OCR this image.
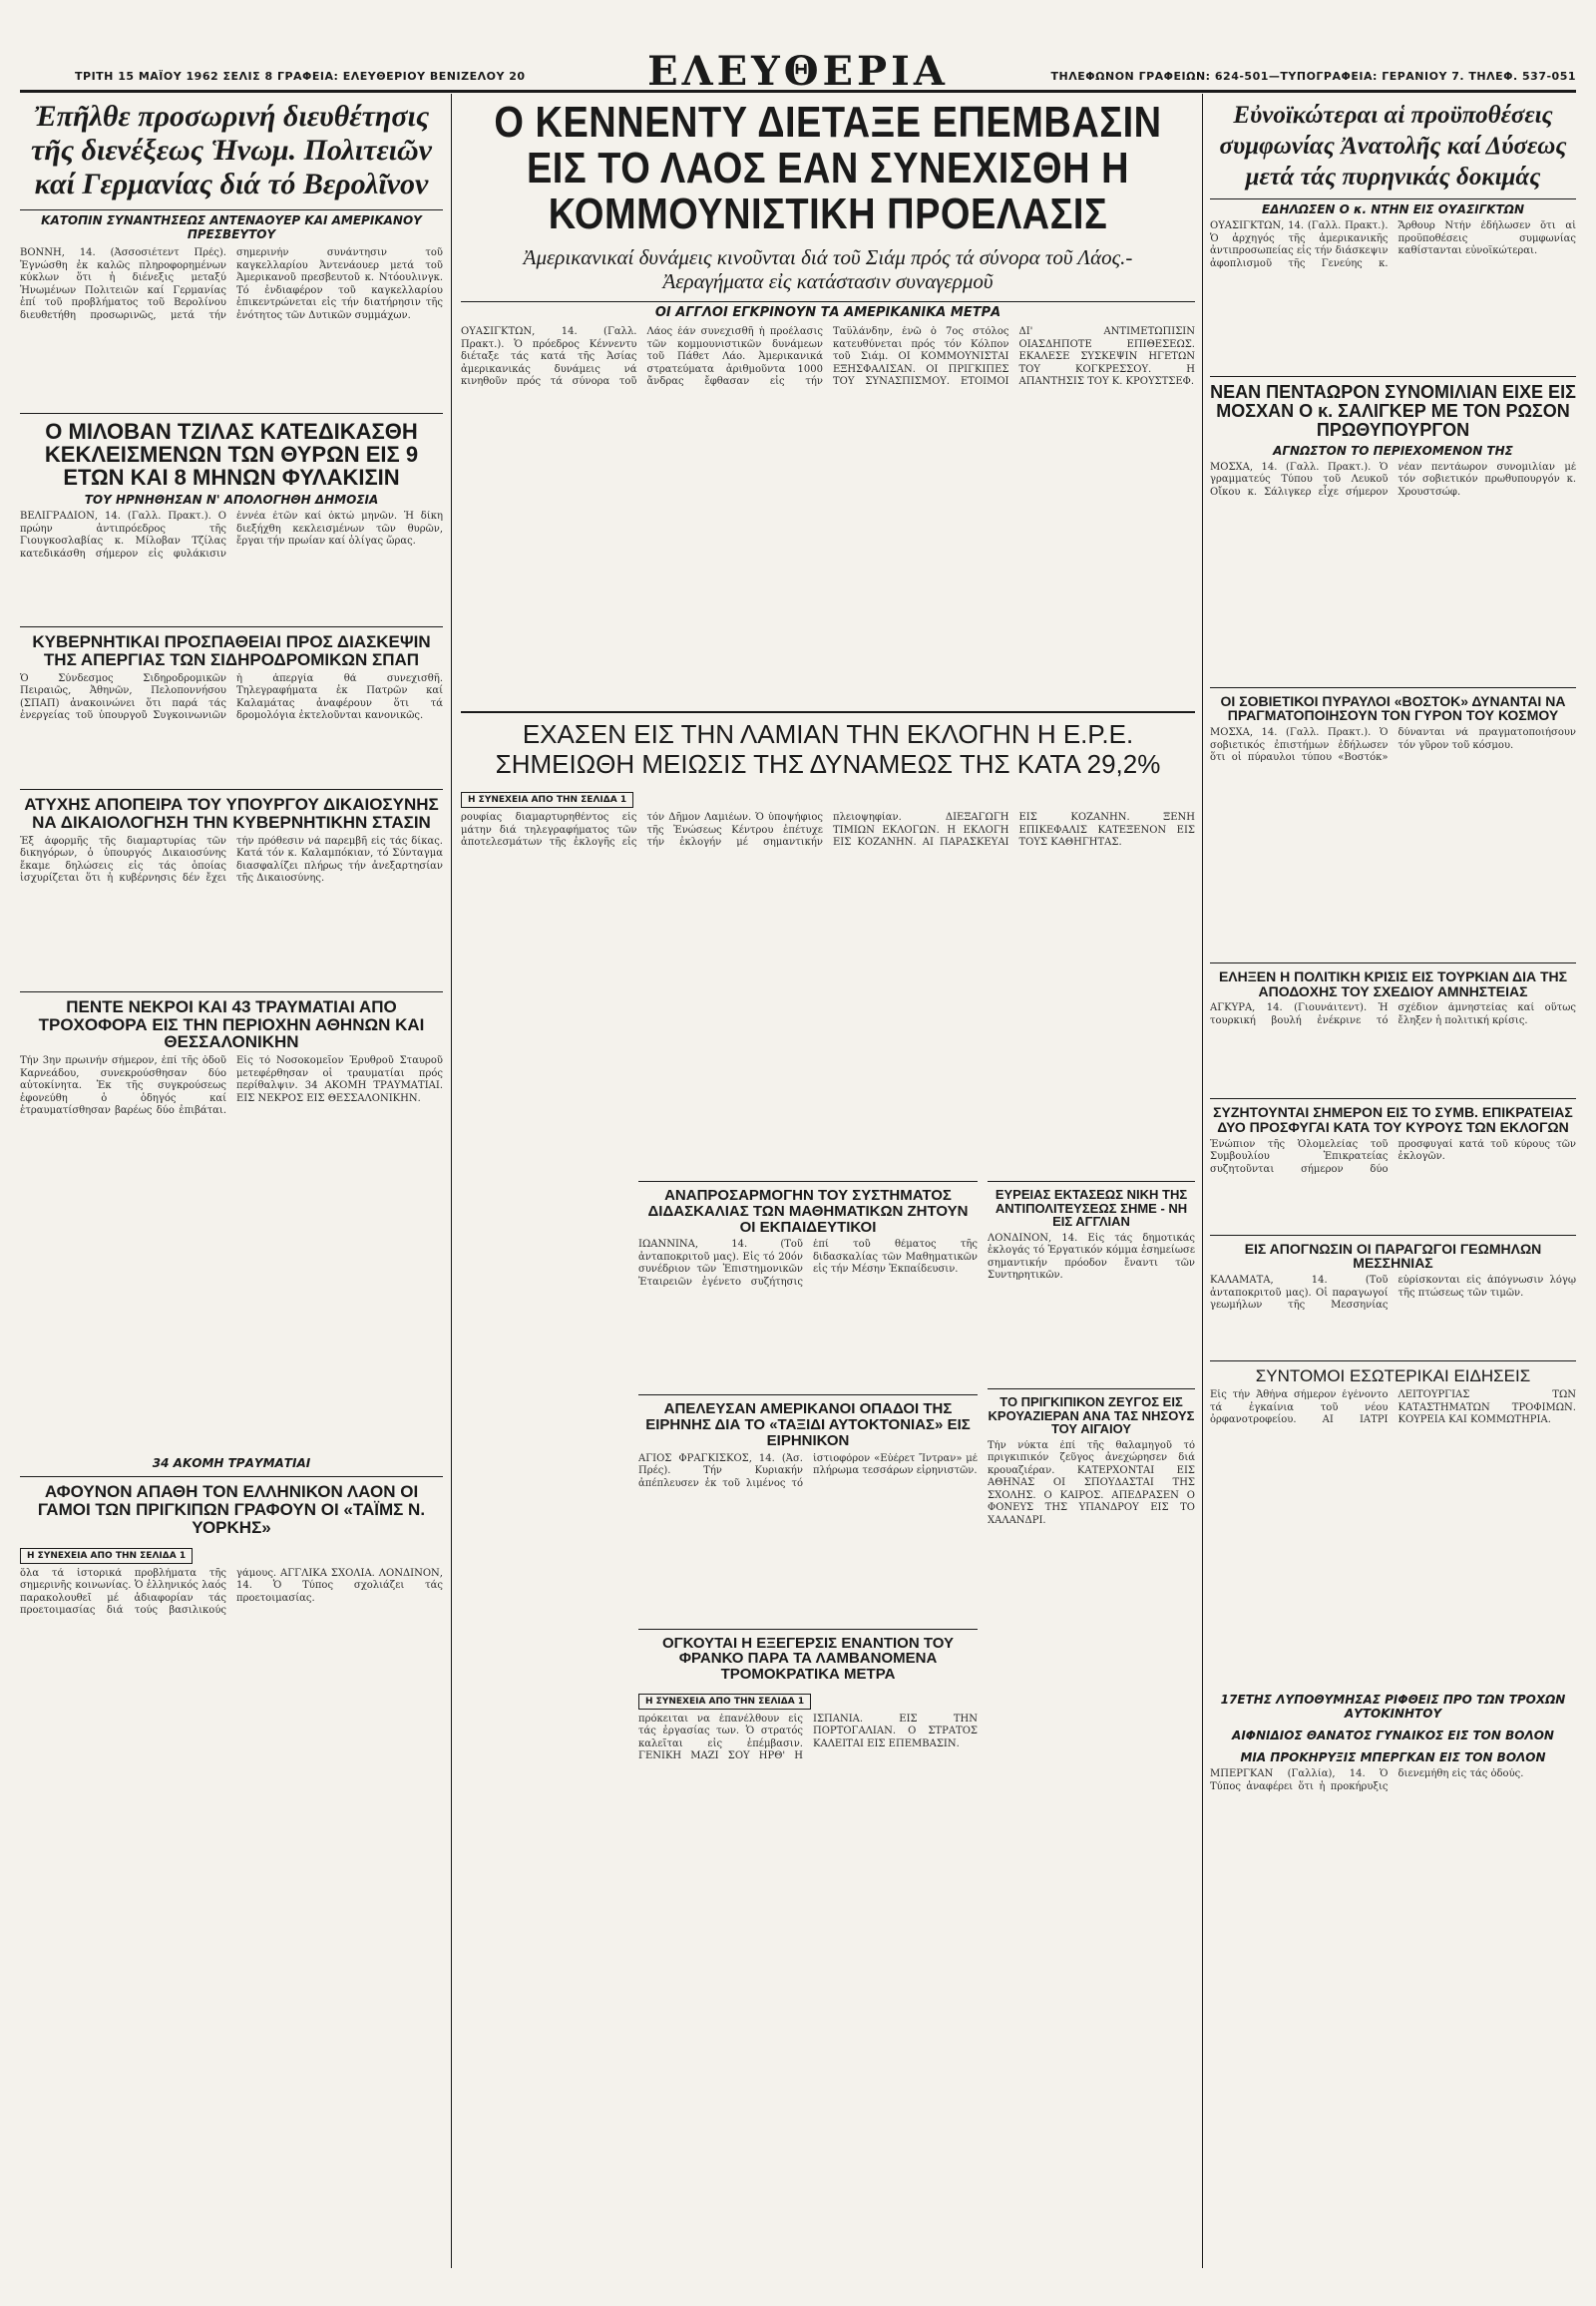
ΤΡΙΤΗ 15 ΜΑΪΟΥ 1962 ΣΕΛΙΣ 8 ΓΡΑΦΕΙΑ: ΕΛΕΥΘΕΡΙΟΥ ΒΕΝΙΖΕΛΟΥ 20	ΕΛΕΥΘΕΡΙΑ	ΤΗΛΕΦΩΝΟΝ ΓΡΑΦΕΙΩΝ: 624-501—ΤΥΠΟΓΡΑΦΕΙΑ: ΓΕΡΑΝΙΟΥ 7. ΤΗΛΕΦ. 537-051
Ἐπῆλθε προσωρινή διευθέτησις τῆς διενέξεως Ἡνωμ. Πολιτειῶν καί Γερμανίας διά τό Βερολῖνον
ΚΑΤΟΠΙΝ ΣΥΝΑΝΤΗΣΕΩΣ ΑΝΤΕΝΑΟΥΕΡ ΚΑΙ ΑΜΕΡΙΚΑΝΟΥ ΠΡΕΣΒΕΥΤΟΥ
ΒΟΝΝΗ, 14. (Ἀσσοσιέτεντ Πρές). Ἐγνώσθη ἐκ καλῶς πληροφορημένων κύκλων ὅτι ἡ διένεξις μεταξύ Ἡνωμένων Πολιτειῶν καί Γερμανίας ἐπί τοῦ προβλήματος τοῦ Βερολίνου διευθετήθη προσωρινῶς, μετά τήν σημερινήν συνάντησιν τοῦ καγκελλαρίου Ἀντενάουερ μετά τοῦ Ἀμερικανοῦ πρεσβευτοῦ κ. Ντόουλινγκ. Τό ἐνδιαφέρον τοῦ καγκελλαρίου ἐπικεντρώνεται εἰς τήν διατήρησιν τῆς ἐνότητος τῶν Δυτικῶν συμμάχων.
Ο ΜΙΛΟΒΑΝ ΤΖΙΛΑΣ ΚΑΤΕΔΙΚΑΣΘΗ ΚΕΚΛΕΙΣΜΕΝΩΝ ΤΩΝ ΘΥΡΩΝ ΕΙΣ 9 ΕΤΩΝ ΚΑΙ 8 ΜΗΝΩΝ ΦΥΛΑΚΙΣΙΝ
ΤΟΥ ΗΡΝΗΘΗΣΑΝ Ν' ΑΠΟΛΟΓΗΘΗ ΔΗΜΟΣΙΑ
ΒΕΛΙΓΡΑΔΙΟΝ, 14. (Γαλλ. Πρακτ.). Ο πρώην ἀντιπρόεδρος τῆς Γιουγκοσλαβίας κ. Μίλοβαν Τζίλας κατεδικάσθη σήμερον εἰς φυλάκισιν ἐννέα ἐτῶν καί ὀκτώ μηνῶν. Ἡ δίκη διεξήχθη κεκλεισμένων τῶν θυρῶν, ἔργαι τήν πρωίαν καί ὁλίγας ὥρας.
ΚΥΒΕΡΝΗΤΙΚΑΙ ΠΡΟΣΠΑΘΕΙΑΙ ΠΡΟΣ ΔΙΑΣΚΕΨΙΝ ΤΗΣ ΑΠΕΡΓΙΑΣ ΤΩΝ ΣΙΔΗΡΟΔΡΟΜΙΚΩΝ ΣΠΑΠ
Ὁ Σύνδεσμος Σιδηροδρομικῶν Πειραιῶς, Ἀθηνῶν, Πελοποννήσου (ΣΠΑΠ) ἀνακοινώνει ὅτι παρά τάς ἐνεργείας τοῦ ὑπουργοῦ Συγκοινωνιῶν ἡ ἀπεργία θά συνεχισθῆ. Τηλεγραφήματα ἐκ Πατρῶν καί Καλαμάτας ἀναφέρουν ὅτι τά δρομολόγια ἐκτελοῦνται κανονικῶς.
ΑΤΥΧΗΣ ΑΠΟΠΕΙΡΑ ΤΟΥ ΥΠΟΥΡΓΟΥ ΔΙΚΑΙΟΣΥΝΗΣ ΝΑ ΔΙΚΑΙΟΛΟΓΗΣΗ ΤΗΝ ΚΥΒΕΡΝΗΤΙΚΗΝ ΣΤΑΣΙΝ
Ἐξ ἀφορμῆς τῆς διαμαρτυρίας τῶν δικηγόρων, ὁ ὑπουργός Δικαιοσύνης ἔκαμε δηλώσεις εἰς τάς ὁποίας ἰσχυρίζεται ὅτι ἡ κυβέρνησις δέν ἔχει τήν πρόθεσιν νά παρεμβῆ εἰς τάς δίκας. Κατά τόν κ. Καλαμπόκιαν, τό Σύνταγμα διασφαλίζει πλήρως τήν ἀνεξαρτησίαν τῆς Δικαιοσύνης.
ΠΕΝΤΕ ΝΕΚΡΟΙ ΚΑΙ 43 ΤΡΑΥΜΑΤΙΑΙ ΑΠΟ ΤΡΟΧΟΦΟΡΑ ΕΙΣ ΤΗΝ ΠΕΡΙΟΧΗΝ ΑΘΗΝΩΝ ΚΑΙ ΘΕΣΣΑΛΟΝΙΚΗΝ
Τήν 3ην πρωινήν σήμερον, ἐπί τῆς ὁδοῦ Καρνεάδου, συνεκρούσθησαν δύο αὐτοκίνητα. Ἐκ τῆς συγκρούσεως ἐφονεύθη ὁ ὁδηγός καί ἐτραυματίσθησαν βαρέως δύο ἐπιβάται. Εἰς τό Νοσοκομεῖον Ἐρυθροῦ Σταυροῦ μετεφέρθησαν οἱ τραυματίαι πρός περίθαλψιν. 34 ΑΚΟΜΗ ΤΡΑΥΜΑΤΙΑΙ. ΕΙΣ ΝΕΚΡΟΣ ΕΙΣ ΘΕΣΣΑΛΟΝΙΚΗΝ.
34 ΑΚΟΜΗ ΤΡΑΥΜΑΤΙΑΙ
ΑΦΟΥΝΟΝ ΑΠΑΘΗ ΤΟΝ ΕΛΛΗΝΙΚΟΝ ΛΑΟΝ ΟΙ ΓΑΜΟΙ ΤΩΝ ΠΡΙΓΚΙΠΩΝ ΓΡΑΦΟΥΝ ΟΙ «ΤΑΪΜΣ Ν. ΥΟΡΚΗΣ»
Η ΣΥΝΕΧΕΙΑ ΑΠΟ ΤΗΝ ΣΕΛΙΔΑ 1
ὅλα τά ἱστορικά προβλήματα τῆς σημερινῆς κοινωνίας. Ὁ ἑλληνικός λαός παρακολουθεῖ μέ ἀδιαφορίαν τάς προετοιμασίας διά τούς βασιλικούς γάμους. ΑΓΓΛΙΚΑ ΣΧΟΛΙΑ. ΛΟΝΔΙΝΟΝ, 14. Ὁ Τύπος σχολιάζει τάς προετοιμασίας.
Ο ΚΕΝΝΕΝΤΥ ΔΙΕΤΑΞΕ ΕΠΕΜΒΑΣΙΝ ΕΙΣ ΤΟ ΛΑΟΣ ΕΑΝ ΣΥΝΕΧΙΣΘΗ Η ΚΟΜΜΟΥΝΙΣΤΙΚΗ ΠΡΟΕΛΑΣΙΣ
Ἀμερικανικαί δυνάμεις κινοῦνται διά τοῦ Σιάμ πρός τά σύνορα τοῦ Λάος.- Ἀεραγήματα εἰς κατάστασιν συναγερμοῦ
ΟΙ ΑΓΓΛΟΙ ΕΓΚΡΙΝΟΥΝ ΤΑ ΑΜΕΡΙΚΑΝΙΚΑ ΜΕΤΡΑ
ΟΥΑΣΙΓΚΤΩΝ, 14. (Γαλλ. Πρακτ.). Ὁ πρόεδρος Κέννεντυ διέταξε τάς κατά τῆς Ἀσίας ἀμερικανικάς δυνάμεις νά κινηθοῦν πρός τά σύνορα τοῦ Λάος ἐάν συνεχισθῆ ἡ προέλασις τῶν κομμουνιστικῶν δυνάμεων τοῦ Πάθετ Λάο. Ἀμερικανικά στρατεύματα ἀριθμοῦντα 1000 ἄνδρας ἔφθασαν εἰς τήν Ταϋλάνδην, ἐνῶ ὁ 7ος στόλος κατευθύνεται πρός τόν Κόλπον τοῦ Σιάμ. ΟΙ ΚΟΜΜΟΥΝΙΣΤΑΙ ΕΞΗΣΦΑΛΙΣΑΝ. ΟΙ ΠΡΙΓΚΙΠΕΣ ΤΟΥ ΣΥΝΑΣΠΙΣΜΟΥ. ΕΤΟΙΜΟΙ ΔΙ' ΑΝΤΙΜΕΤΩΠΙΣΙΝ ΟΙΑΣΔΗΠΟΤΕ ΕΠΙΘΕΣΕΩΣ. ΕΚΑΛΕΣΕ ΣΥΣΚΕΨΙΝ ΗΓΕΤΩΝ ΤΟΥ ΚΟΓΚΡΕΣΣΟΥ. Η ΑΠΑΝΤΗΣΙΣ ΤΟΥ Κ. ΚΡΟΥΣΤΣΕΦ.
ΕΧΑΣΕΝ ΕΙΣ ΤΗΝ ΛΑΜΙΑΝ ΤΗΝ ΕΚΛΟΓΗΝ Η Ε.Ρ.Ε. ΣΗΜΕΙΩΘΗ ΜΕΙΩΣΙΣ ΤΗΣ ΔΥΝΑΜΕΩΣ ΤΗΣ ΚΑΤΑ 29,2%
Η ΣΥΝΕΧΕΙΑ ΑΠΟ ΤΗΝ ΣΕΛΙΔΑ 1
ρουφίας διαμαρτυρηθέντος εἰς μάτην διά τηλεγραφήματος τῶν ἀποτελεσμάτων τῆς ἐκλογῆς εἰς τόν Δῆμον Λαμιέων. Ὁ ὑποψήφιος τῆς Ἐνώσεως Κέντρου ἐπέτυχε τήν ἐκλογήν μέ σημαντικήν πλειοψηφίαν. ΔΙΕΞΑΓΩΓΗ ΤΙΜΙΩΝ ΕΚΛΟΓΩΝ. Η ΕΚΛΟΓΗ ΕΙΣ ΚΟΖΑΝΗΝ. ΑΙ ΠΑΡΑΣΚΕΥΑΙ ΕΙΣ ΚΟΖΑΝΗΝ. ΞΕΝΗ ΕΠΙΚΕΦΑΛΙΣ ΚΑΤΕΞΕΝΟΝ ΕΙΣ ΤΟΥΣ ΚΑΘΗΓΗΤΑΣ.
ΑΝΑΠΡΟΣΑΡΜΟΓΗΝ ΤΟΥ ΣΥΣΤΗΜΑΤΟΣ ΔΙΔΑΣΚΑΛΙΑΣ ΤΩΝ ΜΑΘΗΜΑΤΙΚΩΝ ΖΗΤΟΥΝ ΟΙ ΕΚΠΑΙΔΕΥΤΙΚΟΙ
ΙΩΑΝΝΙΝΑ, 14. (Τοῦ ἀνταποκριτοῦ μας). Εἰς τό 20όν συνέδριον τῶν Ἐπιστημονικῶν Ἐταιρειῶν ἐγένετο συζήτησις ἐπί τοῦ θέματος τῆς διδασκαλίας τῶν Μαθηματικῶν εἰς τήν Μέσην Ἐκπαίδευσιν.
ΑΠΕΛΕΥΣΑΝ ΑΜΕΡΙΚΑΝΟΙ ΟΠΑΔΟΙ ΤΗΣ ΕΙΡΗΝΗΣ ΔΙΑ ΤΟ «ΤΑΞΙΔΙ ΑΥΤΟΚΤΟΝΙΑΣ» ΕΙΣ ΕΙΡΗΝΙΚΟΝ
ΑΓΙΟΣ ΦΡΑΓΚΙΣΚΟΣ, 14. (Ἀσ. Πρές). Τήν Κυριακήν ἀπέπλευσεν ἐκ τοῦ λιμένος τό ἱστιοφόρον «Εὐέρετ Ἴντραν» μέ πλήρωμα τεσσάρων εἰρηνιστῶν.
ΟΓΚΟΥΤΑΙ Η ΕΞΕΓΕΡΣΙΣ ΕΝΑΝΤΙΟΝ ΤΟΥ ΦΡΑΝΚΟ ΠΑΡΑ ΤΑ ΛΑΜΒΑΝΟΜΕΝΑ ΤΡΟΜΟΚΡΑΤΙΚΑ ΜΕΤΡΑ
Η ΣΥΝΕΧΕΙΑ ΑΠΟ ΤΗΝ ΣΕΛΙΔΑ 1
πρόκειται να ἐπανέλθουν εἰς τάς ἐργασίας των. Ὁ στρατός καλεῖται εἰς ἐπέμβασιν. ΓΕΝΙΚΗ ΜΑΖΙ ΣΟΥ ΗΡΘ' Η ΙΣΠΑΝΙΑ. ΕΙΣ ΤΗΝ ΠΟΡΤΟΓΑΛΙΑΝ. Ο ΣΤΡΑΤΟΣ ΚΑΛΕΙΤΑΙ ΕΙΣ ΕΠΕΜΒΑΣΙΝ.
ΕΥΡΕΙΑΣ ΕΚΤΑΣΕΩΣ ΝΙΚΗ ΤΗΣ ΑΝΤΙΠΟΛΙΤΕΥΣΕΩΣ ΣΗΜΕ - ΝΗ ΕΙΣ ΑΓΓΛΙΑΝ
ΛΟΝΔΙΝΟΝ, 14. Εἰς τάς δημοτικάς ἐκλογάς τό Ἐργατικόν κόμμα ἐσημείωσε σημαντικήν πρόοδον ἔναντι τῶν Συντηρητικῶν.
ΤΟ ΠΡΙΓΚΙΠΙΚΟΝ ΖΕΥΓΟΣ ΕΙΣ ΚΡΟΥΑΖΙΕΡΑΝ ΑΝΑ ΤΑΣ ΝΗΣΟΥΣ ΤΟΥ ΑΙΓΑΙΟΥ
Τήν νύκτα ἐπί τῆς θαλαμηγοῦ τό πριγκιπικόν ζεῦγος ἀνεχώρησεν διά κρουαζιέραν. ΚΑΤΕΡΧΟΝΤΑΙ ΕΙΣ ΑΘΗΝΑΣ ΟΙ ΣΠΟΥΔΑΣΤΑΙ ΤΗΣ ΣΧΟΛΗΣ. Ο ΚΑΙΡΟΣ. ΑΠΕΔΡΑΣΕΝ Ο ΦΟΝΕΥΣ ΤΗΣ ΥΠΑΝΔΡΟΥ ΕΙΣ ΤΟ ΧΑΛΑΝΔΡΙ.
Εὐνοϊκώτεραι αἱ προϋποθέσεις συμφωνίας Ἀνατολῆς καί Δύσεως μετά τάς πυρηνικάς δοκιμάς
ΕΔΗΛΩΣΕΝ Ο κ. ΝΤΗΝ ΕΙΣ ΟΥΑΣΙΓΚΤΩΝ
ΟΥΑΣΙΓΚΤΩΝ, 14. (Γαλλ. Πρακτ.). Ὁ ἀρχηγός τῆς ἀμερικανικῆς ἀντιπροσωπείας εἰς τήν διάσκεψιν ἀφοπλισμοῦ τῆς Γενεύης κ. Ἄρθουρ Ντήν ἐδήλωσεν ὅτι αἱ προϋποθέσεις συμφωνίας καθίστανται εὐνοϊκώτεραι.
ΝΕΑΝ ΠΕΝΤΑΩΡΟΝ ΣΥΝΟΜΙΛΙΑΝ ΕΙΧΕ ΕΙΣ ΜΟΣΧΑΝ Ο κ. ΣΑΛΙΓΚΕΡ ΜΕ ΤΟΝ ΡΩΣΟΝ ΠΡΩΘΥΠΟΥΡΓΟΝ
ΑΓΝΩΣΤΟΝ ΤΟ ΠΕΡΙΕΧΟΜΕΝΟΝ ΤΗΣ
ΜΟΣΧΑ, 14. (Γαλλ. Πρακτ.). Ὁ γραμματεύς Τύπου τοῦ Λευκοῦ Οἴκου κ. Σάλιγκερ εἶχε σήμερον νέαν πεντάωρον συνομιλίαν μέ τόν σοβιετικόν πρωθυπουργόν κ. Χρουστσώφ.
ΟΙ ΣΟΒΙΕΤΙΚΟΙ ΠΥΡΑΥΛΟΙ «ΒΟΣΤΟΚ» ΔΥΝΑΝΤΑΙ ΝΑ ΠΡΑΓΜΑΤΟΠΟΙΗΣΟΥΝ ΤΟΝ ΓΥΡΟΝ ΤΟΥ ΚΟΣΜΟΥ
ΜΟΣΧΑ, 14. (Γαλλ. Πρακτ.). Ὁ σοβιετικός ἐπιστήμων ἐδήλωσεν ὅτι οἱ πύραυλοι τύπου «Βοστόκ» δύνανται νά πραγματοποιήσουν τόν γῦρον τοῦ κόσμου.
ΕΛΗΞΕΝ Η ΠΟΛΙΤΙΚΗ ΚΡΙΣΙΣ ΕΙΣ ΤΟΥΡΚΙΑΝ ΔΙΑ ΤΗΣ ΑΠΟΔΟΧΗΣ ΤΟΥ ΣΧΕΔΙΟΥ ΑΜΝΗΣΤΕΙΑΣ
ΑΓΚΥΡΑ, 14. (Γιουνάιτεντ). Ἡ τουρκική βουλή ἐνέκρινε τό σχέδιον ἀμνηστείας καί οὕτως ἔληξεν ἡ πολιτική κρίσις.
ΣΥΖΗΤΟΥΝΤΑΙ ΣΗΜΕΡΟΝ ΕΙΣ ΤΟ ΣΥΜΒ. ΕΠΙΚΡΑΤΕΙΑΣ ΔΥΟ ΠΡΟΣΦΥΓΑΙ ΚΑΤΑ ΤΟΥ ΚΥΡΟΥΣ ΤΩΝ ΕΚΛΟΓΩΝ
Ἐνώπιον τῆς Ὁλομελείας τοῦ Συμβουλίου Ἐπικρατείας συζητοῦνται σήμερον δύο προσφυγαί κατά τοῦ κύρους τῶν ἐκλογῶν.
ΕΙΣ ΑΠΟΓΝΩΣΙΝ ΟΙ ΠΑΡΑΓΩΓΟΙ ΓΕΩΜΗΛΩΝ ΜΕΣΣΗΝΙΑΣ
ΚΑΛΑΜΑΤΑ, 14. (Τοῦ ἀνταποκριτοῦ μας). Οἱ παραγωγοί γεωμήλων τῆς Μεσσηνίας εὑρίσκονται εἰς ἀπόγνωσιν λόγῳ τῆς πτώσεως τῶν τιμῶν.
ΣΥΝΤΟΜΟΙ ΕΣΩΤΕΡΙΚΑΙ ΕΙΔΗΣΕΙΣ
Εἰς τήν Ἀθήνα σήμερον ἐγένοντο τά ἐγκαίνια τοῦ νέου ὀρφανοτροφείου. ΑΙ ΙΑΤΡΙ ΛΕΙΤΟΥΡΓΙΑΣ ΤΩΝ ΚΑΤΑΣΤΗΜΑΤΩΝ ΤΡΟΦΙΜΩΝ. ΚΟΥΡΕΙΑ ΚΑΙ ΚΟΜΜΩΤΗΡΙΑ.
17ΕΤΗΣ ΛΥΠΟΘΥΜΗΣΑΣ ΡΙΦΘΕΙΣ ΠΡΟ ΤΩΝ ΤΡΟΧΩΝ ΑΥΤΟΚΙΝΗΤΟΥ
ΑΙΦΝΙΔΙΟΣ ΘΑΝΑΤΟΣ ΓΥΝΑΙΚΟΣ ΕΙΣ ΤΟΝ ΒΟΛΟΝ
ΜΙΑ ΠΡΟΚΗΡΥΞΙΣ ΜΠΕΡΓΚΑΝ ΕΙΣ ΤΟΝ ΒΟΛΟΝ
ΜΠΕΡΓΚΑΝ (Γαλλία), 14. Ὁ Τύπος ἀναφέρει ὅτι ἡ προκήρυξις διενεμήθη εἰς τάς ὁδούς.
